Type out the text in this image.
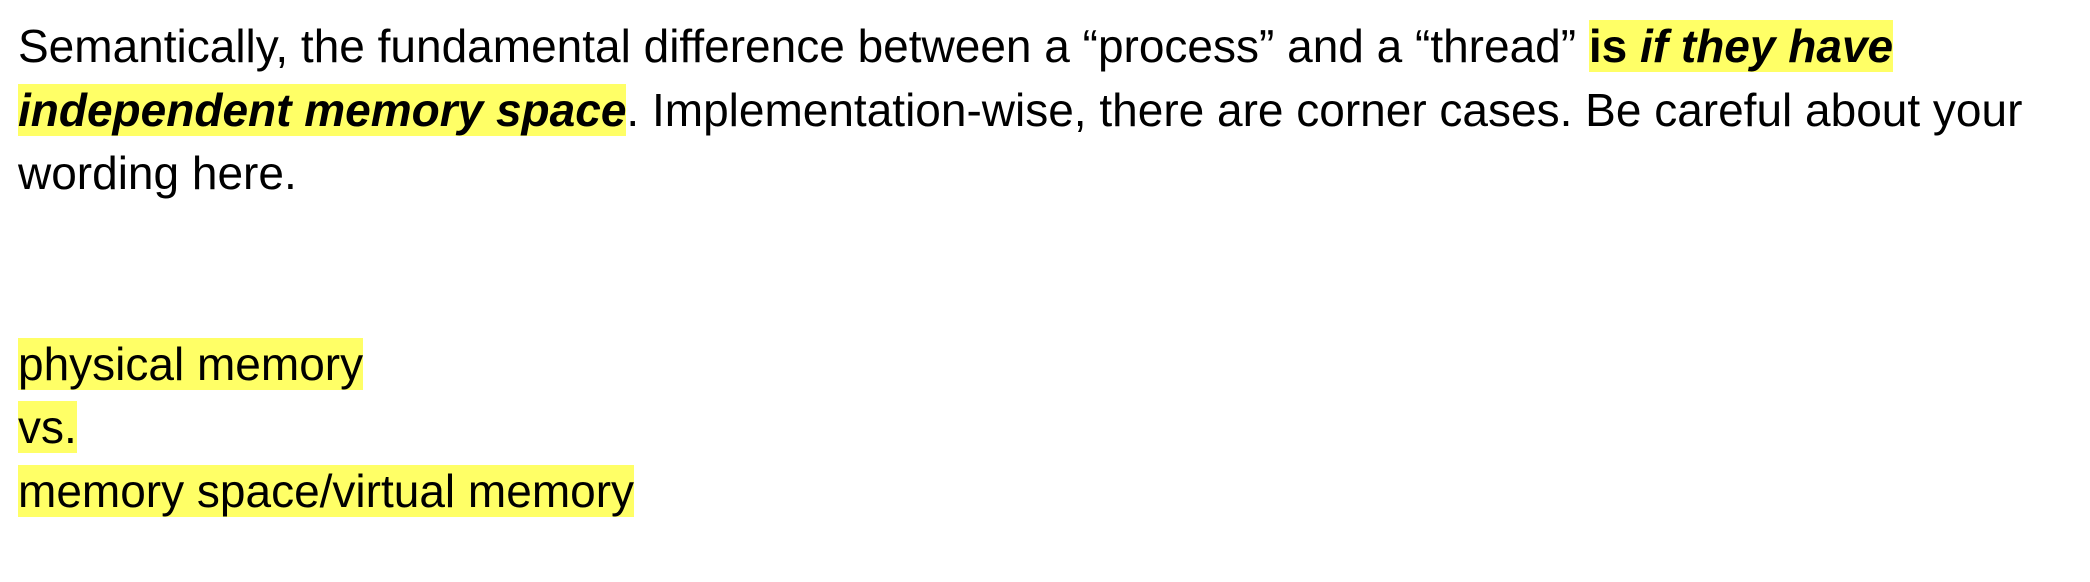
Semantically, the fundamental difference between a “process” and a “thread” is if they have independent memory space. Implementation-wise, there are corner cases. Be careful about your wording here.

physical memory
vs.
memory space/virtual memory
